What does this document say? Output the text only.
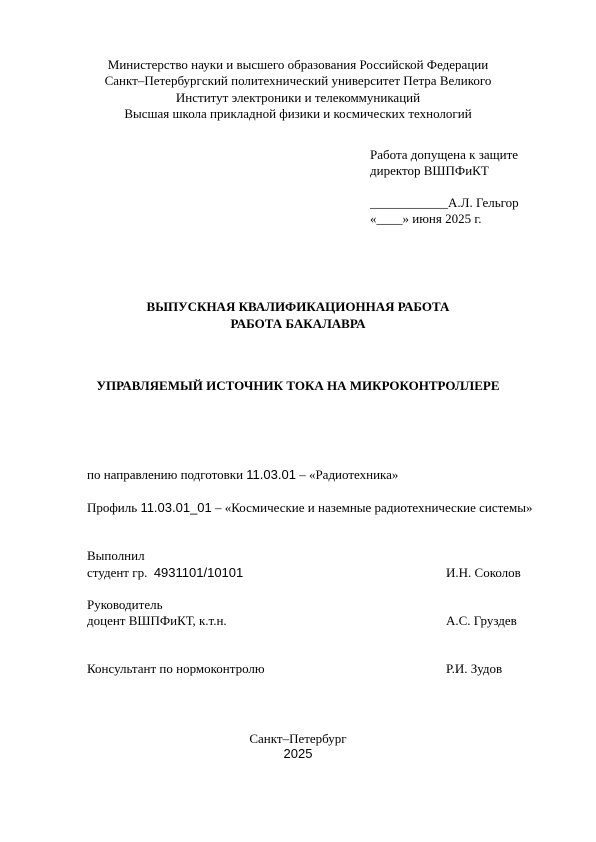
Министерство науки и высшего образования Российской Федерации
Санкт–Петербургский политехнический университет Петра Великого
Институт электроники и телекоммуникаций
Высшая школа прикладной физики и космических технологий
Работа допущена к защите
директор ВШПФиКТ
____________А.Л. Гельгор
«____» июня 2025 г.
ВЫПУСКНАЯ КВАЛИФИКАЦИОННАЯ РАБОТА
РАБОТА БАКАЛАВРА
УПРАВЛЯЕМЫЙ ИСТОЧНИК ТОКА НА МИКРОКОНТРОЛЛЕРЕ
по направлению подготовки 11.03.01 – «Радиотехника»
Профиль 11.03.01_01 – «Космические и наземные радиотехнические системы»
Выполнил
студент гр.  4931101/10101	И.Н. Соколов
Руководитель
доцент ВШПФиКТ, к.т.н.	А.С. Груздев
Консультант по нормоконтролю	Р.И. Зудов
Санкт–Петербург
2025
